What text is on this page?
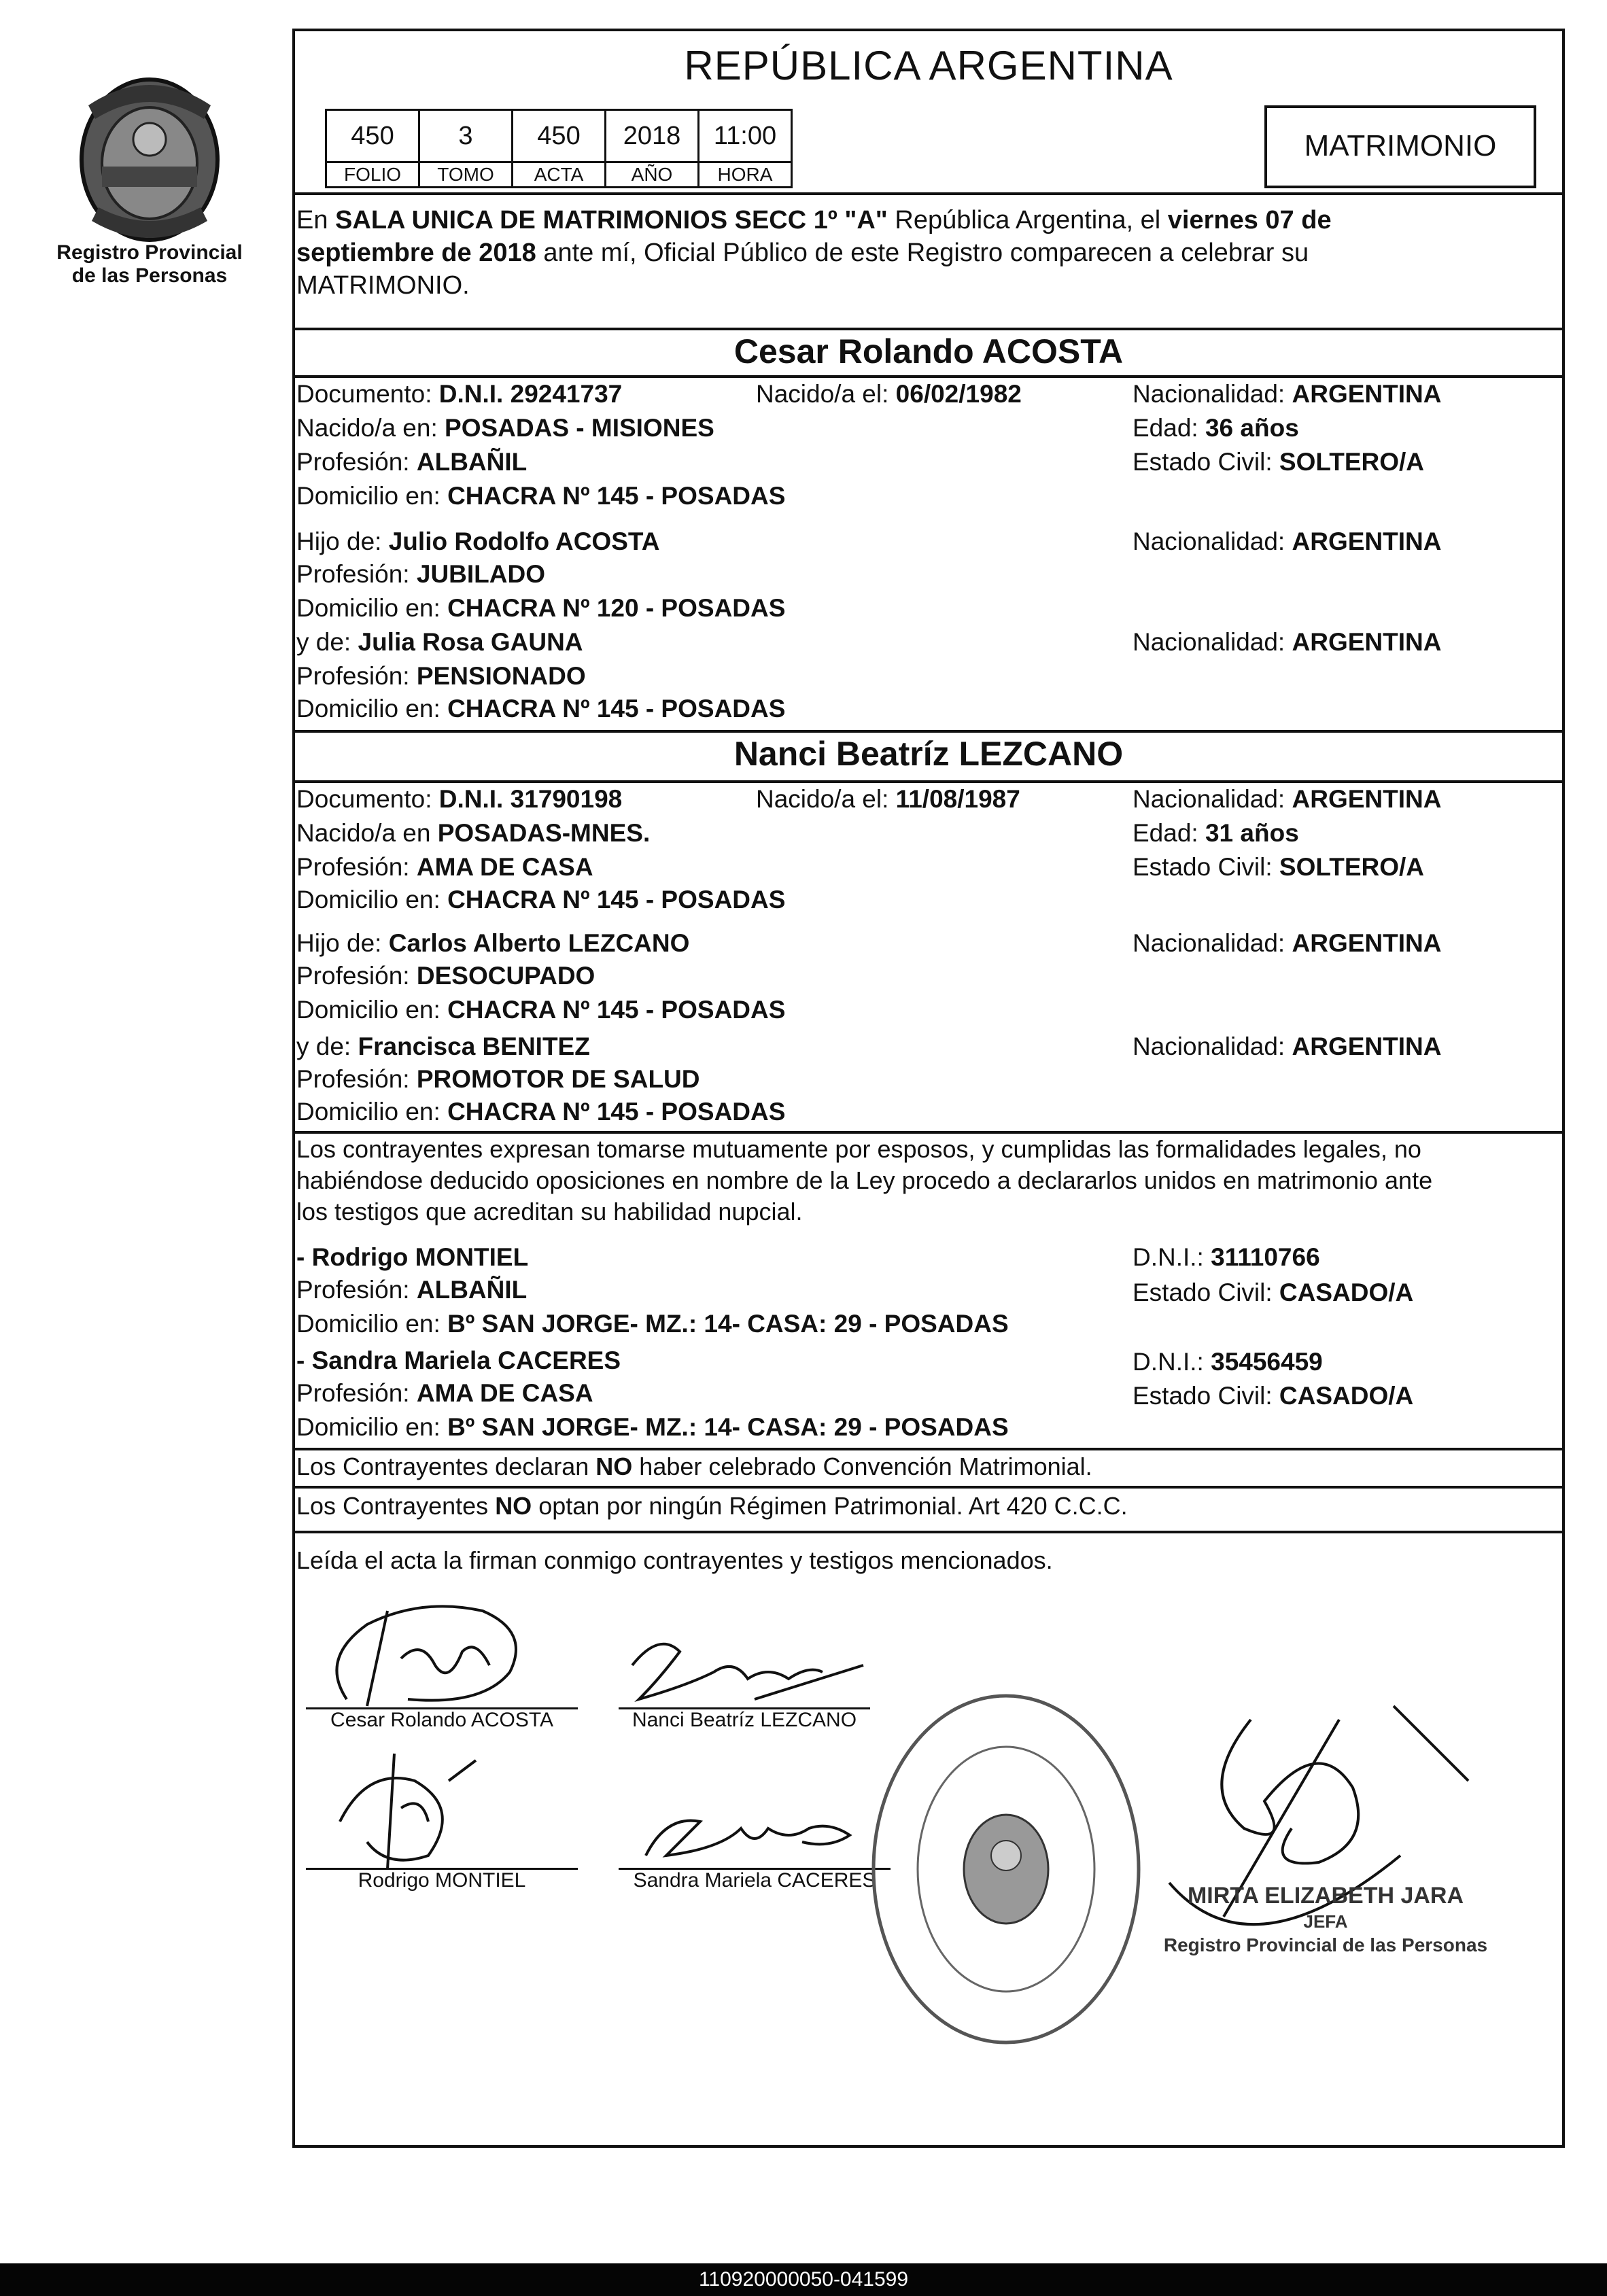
Registro Provincial
de las Personas
REPÚBLICA ARGENTINA
450	3	450	2018	11:00
FOLIO	TOMO	ACTA	AÑO	HORA
MATRIMONIO
En SALA UNICA DE MATRIMONIOS SECC 1º "A" República Argentina, el viernes 07 de
septiembre de 2018 ante mí, Oficial Público de este Registro comparecen a celebrar su
MATRIMONIO.
Cesar Rolando ACOSTA
Documento: D.N.I. 29241737	Nacido/a el: 06/02/1982	Nacionalidad: ARGENTINA
Nacido/a en: POSADAS - MISIONES	Edad: 36 años
Profesión: ALBAÑIL	Estado Civil: SOLTERO/A
Domicilio en: CHACRA Nº 145 - POSADAS
Hijo de: Julio Rodolfo ACOSTA	Nacionalidad: ARGENTINA
Profesión: JUBILADO
Domicilio en: CHACRA Nº 120 - POSADAS
y de: Julia Rosa GAUNA	Nacionalidad: ARGENTINA
Profesión: PENSIONADO
Domicilio en: CHACRA Nº 145 - POSADAS
Nanci Beatríz LEZCANO
Documento: D.N.I. 31790198	Nacido/a el: 11/08/1987	Nacionalidad: ARGENTINA
Nacido/a en POSADAS-MNES.	Edad: 31 años
Profesión: AMA DE CASA	Estado Civil: SOLTERO/A
Domicilio en: CHACRA Nº 145 - POSADAS
Hijo de: Carlos Alberto LEZCANO	Nacionalidad: ARGENTINA
Profesión: DESOCUPADO
Domicilio en: CHACRA Nº 145 - POSADAS
y de: Francisca BENITEZ	Nacionalidad: ARGENTINA
Profesión: PROMOTOR DE SALUD
Domicilio en: CHACRA Nº 145 - POSADAS
Los contrayentes expresan tomarse mutuamente por esposos, y cumplidas las formalidades legales, no
habiéndose deducido oposiciones en nombre de la Ley procedo a declararlos unidos en matrimonio ante
los testigos que acreditan su habilidad nupcial.
- Rodrigo MONTIEL	D.N.I.: 31110766
Profesión: ALBAÑIL	Estado Civil: CASADO/A
Domicilio en: Bº SAN JORGE- MZ.: 14- CASA: 29 - POSADAS
- Sandra Mariela CACERES	D.N.I.: 35456459
Profesión: AMA DE CASA	Estado Civil: CASADO/A
Domicilio en: Bº SAN JORGE- MZ.: 14- CASA: 29 - POSADAS
Los Contrayentes declaran NO haber celebrado Convención Matrimonial.
Los Contrayentes NO optan por ningún Régimen Patrimonial. Art 420 C.C.C.
Leída el acta la firman conmigo contrayentes y testigos mencionados.
Cesar Rolando ACOSTA	Nanci Beatríz LEZCANO
Rodrigo MONTIEL	Sandra Mariela CACERES
MIRTA ELIZABETH JARA
JEFA
Registro Provincial de las Personas
110920000050-041599
